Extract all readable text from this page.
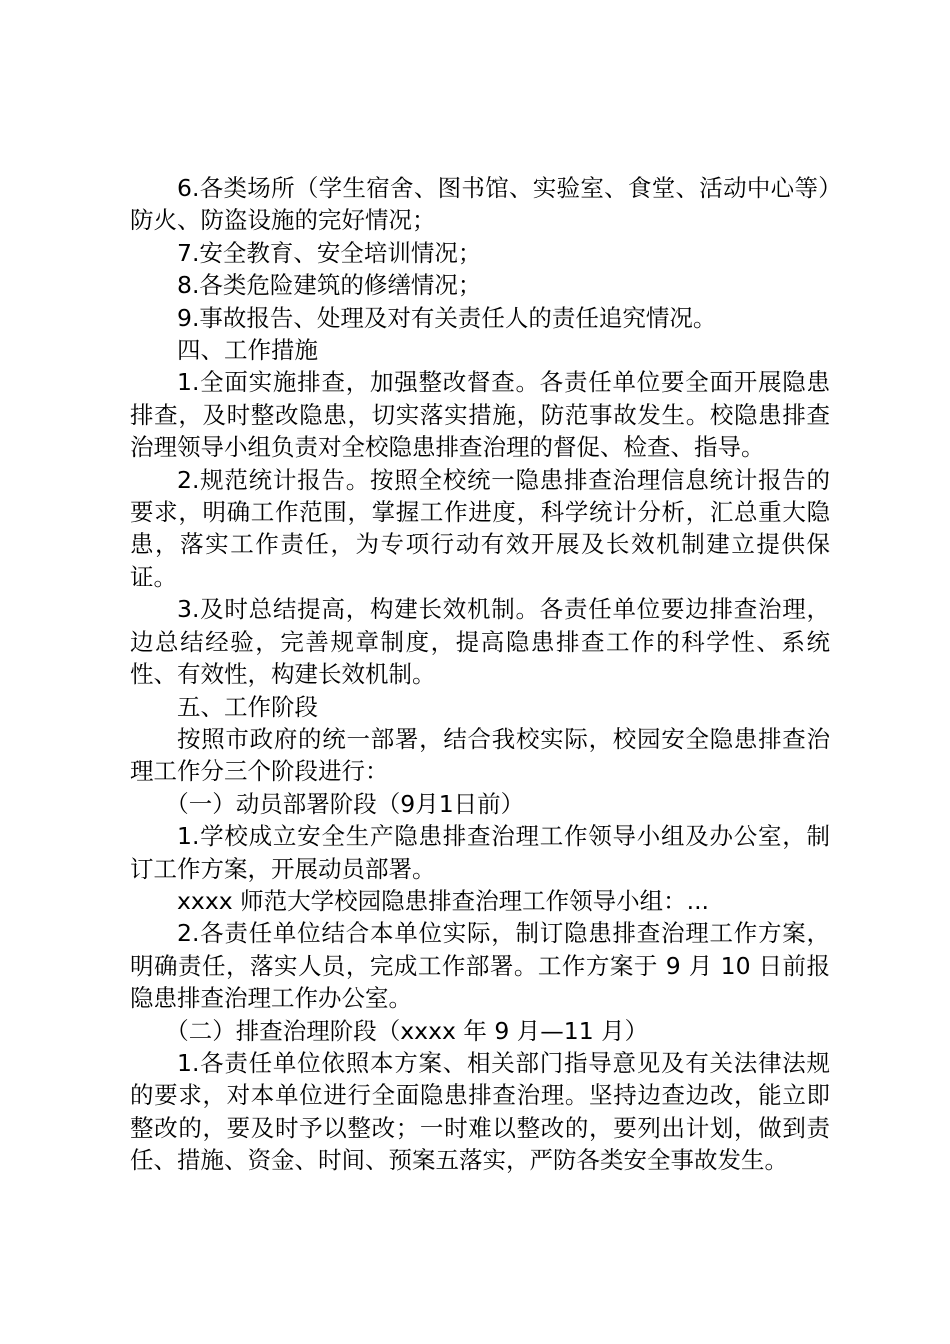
6.各类场所（学生宿舍、图书馆、实验室、食堂、活动中心等）防火、防盗设施的完好情况；

7.安全教育、安全培训情况；

8.各类危险建筑的修缮情况；

9.事故报告、处理及对有关责任人的责任追究情况。

四、工作措施

1.全面实施排查，加强整改督查。各责任单位要全面开展隐患排查，及时整改隐患，切实落实措施，防范事故发生。校隐患排查治理领导小组负责对全校隐患排查治理的督促、检查、指导。

2.规范统计报告。按照全校统一隐患排查治理信息统计报告的要求，明确工作范围，掌握工作进度，科学统计分析，汇总重大隐患，落实工作责任，为专项行动有效开展及长效机制建立提供保证。

3.及时总结提高，构建长效机制。各责任单位要边排查治理，边总结经验，完善规章制度，提高隐患排查工作的科学性、系统性、有效性，构建长效机制。

五、工作阶段

按照市政府的统一部署，结合我校实际，校园安全隐患排查治理工作分三个阶段进行：

（一）动员部署阶段（9月1日前）

1.学校成立安全生产隐患排查治理工作领导小组及办公室，制订工作方案，开展动员部署。

xxxx 师范大学校园隐患排查治理工作领导小组：...

2.各责任单位结合本单位实际，制订隐患排查治理工作方案，明确责任，落实人员，完成工作部署。工作方案于 9 月 10 日前报隐患排查治理工作办公室。

（二）排查治理阶段（xxxx 年 9 月—11 月）

1.各责任单位依照本方案、相关部门指导意见及有关法律法规的要求，对本单位进行全面隐患排查治理。坚持边查边改，能立即整改的，要及时予以整改；一时难以整改的，要列出计划，做到责任、措施、资金、时间、预案五落实，严防各类安全事故发生。
